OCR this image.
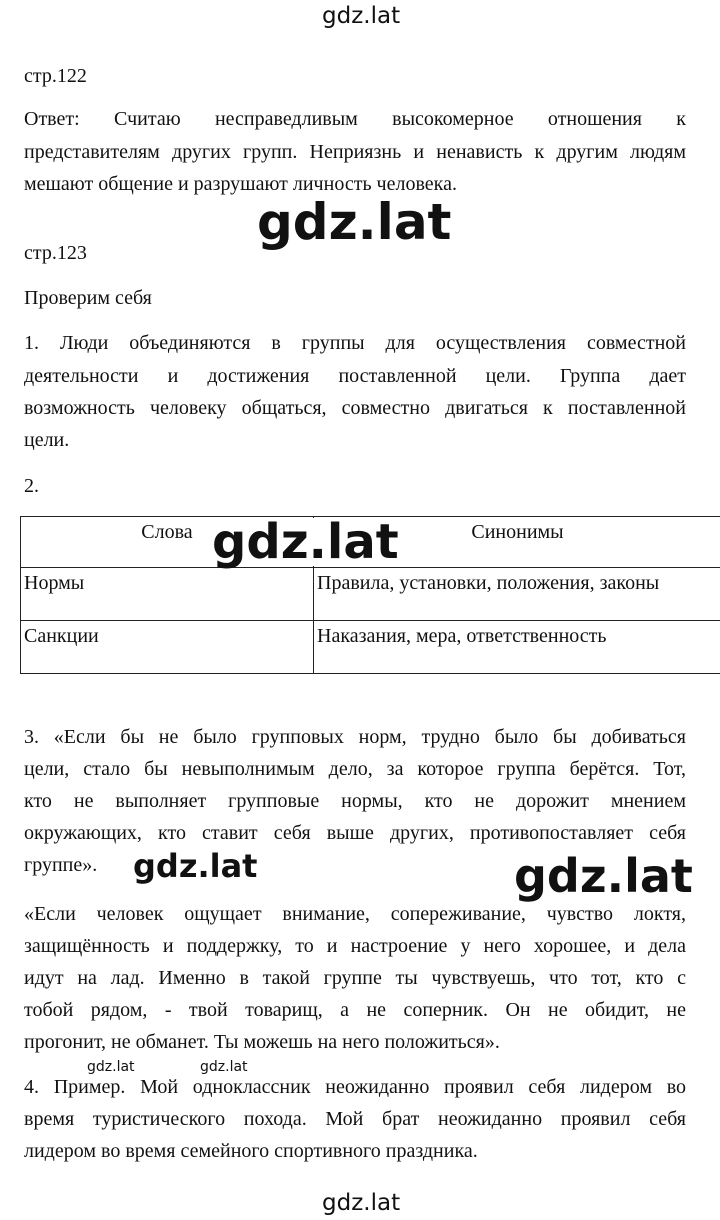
gdz.lat
стр.122
Ответ: Считаю несправедливым высокомерное отношения к
представителям других групп. Неприязнь и ненависть к другим людям
мешают общение и разрушают личность человека.
gdz.lat
стр.123
Проверим себя
1. Люди объединяются в группы для осуществления совместной
деятельности и достижения поставленной цели. Группа дает
возможность человеку общаться, совместно двигаться к поставленной
цели.
2.
Слова	Синонимы
Нормы	Правила, установки, положения, законы
Санкции	Наказания, мера, ответственность
gdz.lat
3. «Если бы не было групповых норм, трудно было бы добиваться
цели, стало бы невыполнимым дело, за которое группа берётся. Тот,
кто не выполняет групповые нормы, кто не дорожит мнением
окружающих, кто ставит себя выше других, противопоставляет себя
группе». gdz.lat	gdz.lat
«Если человек ощущает внимание, сопереживание, чувство локтя,
защищённость и поддержку, то и настроение у него хорошее, и дела
идут на лад. Именно в такой группе ты чувствуешь, что тот, кто с
тобой рядом, - твой товарищ, а не соперник. Он не обидит, не
прогонит, не обманет. Ты можешь на него положиться».
gdz.lat	gdz.lat
4. Пример. Мой одноклассник неожиданно проявил себя лидером во
время туристического похода. Мой брат неожиданно проявил себя
лидером во время семейного спортивного праздника.
gdz.lat
